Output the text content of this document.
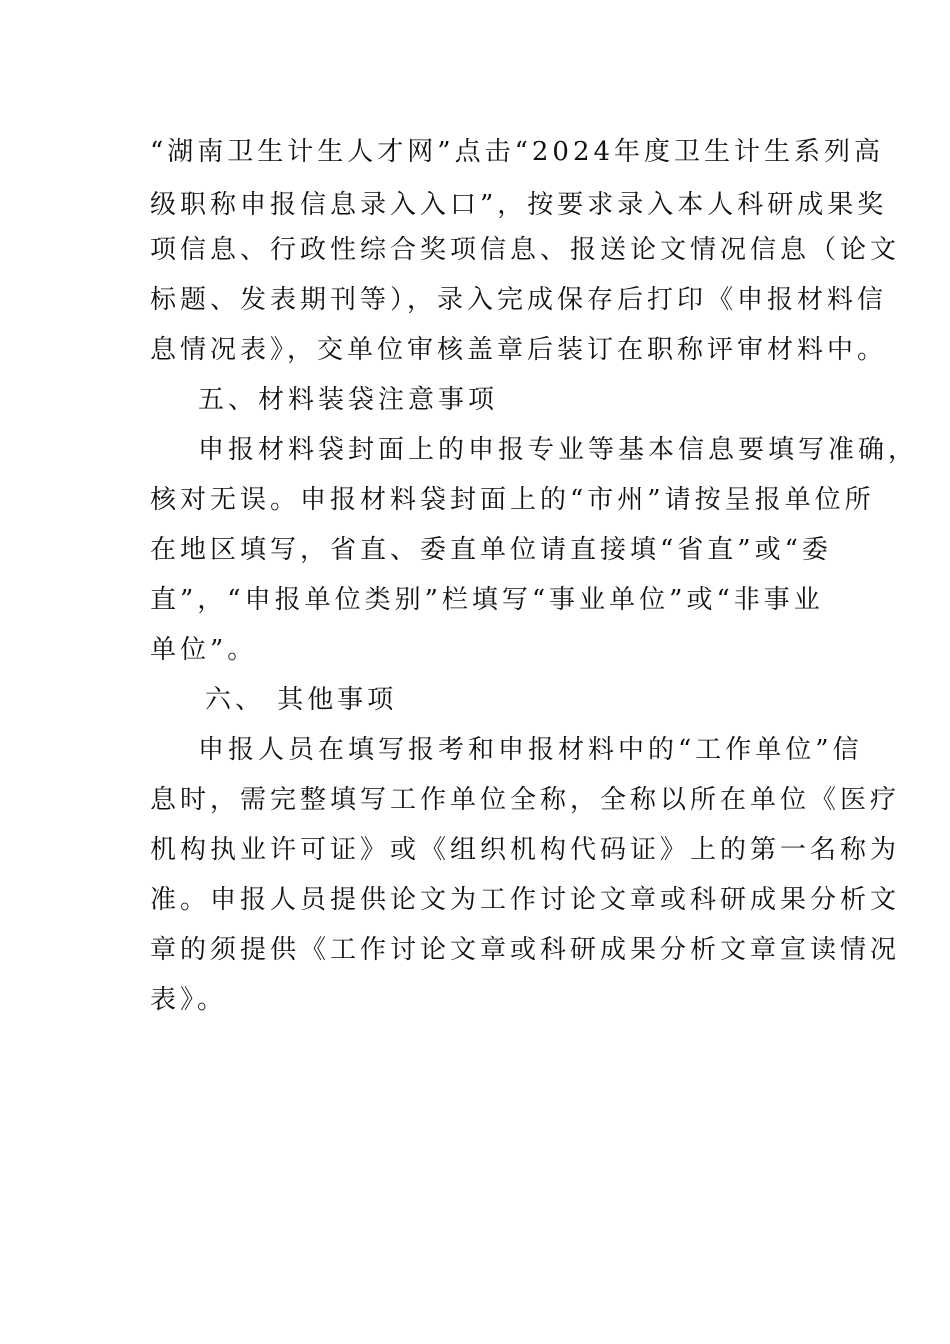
“湖南卫生计生人才网”点击“2024年度卫生计生系列高
级职称申报信息录入入口”，按要求录入本人科研成果奖
项信息、行政性综合奖项信息、报送论文情况信息（论文
标题、发表期刊等），录入完成保存后打印《申报材料信
息情况表》，交单位审核盖章后装订在职称评审材料中。
五、材料装袋注意事项
申报材料袋封面上的申报专业等基本信息要填写准确，
核对无误。申报材料袋封面上的“市州”请按呈报单位所
在地区填写，省直、委直单位请直接填“省直”或“委
直”，“申报单位类别”栏填写“事业单位”或“非事业
单位”。
六、 其他事项
申报人员在填写报考和申报材料中的“工作单位”信
息时，需完整填写工作单位全称，全称以所在单位《医疗
机构执业许可证》或《组织机构代码证》上的第一名称为
准。申报人员提供论文为工作讨论文章或科研成果分析文
章的须提供《工作讨论文章或科研成果分析文章宣读情况
表》。
